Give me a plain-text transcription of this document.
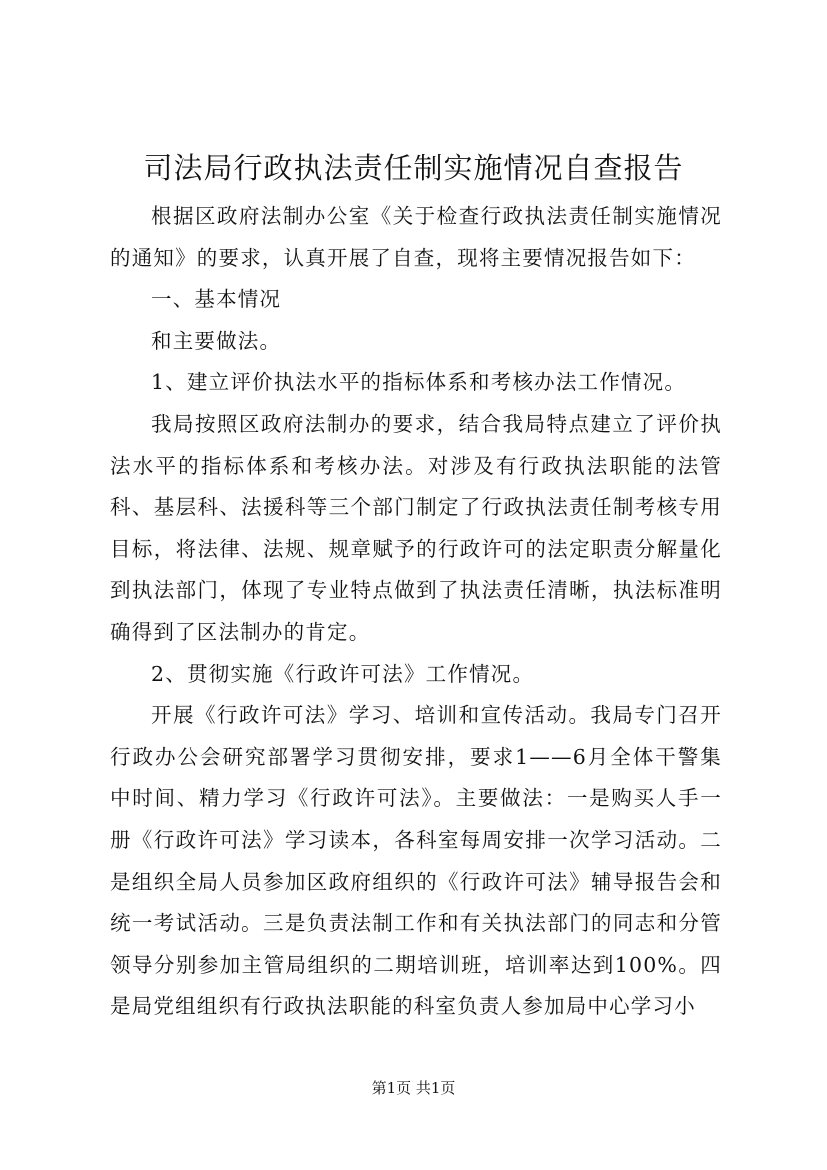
司法局行政执法责任制实施情况自查报告

根据区政府法制办公室《关于检查行政执法责任制实施情况的通知》的要求，认真开展了自查，现将主要情况报告如下：

一、基本情况

和主要做法。

1、建立评价执法水平的指标体系和考核办法工作情况。

我局按照区政府法制办的要求，结合我局特点建立了评价执法水平的指标体系和考核办法。对涉及有行政执法职能的法管科、基层科、法援科等三个部门制定了行政执法责任制考核专用目标，将法律、法规、规章赋予的行政许可的法定职责分解量化到执法部门，体现了专业特点做到了执法责任清晰，执法标准明确得到了区法制办的肯定。

2、贯彻实施《行政许可法》工作情况。

开展《行政许可法》学习、培训和宣传活动。我局专门召开行政办公会研究部署学习贯彻安排，要求1——6月全体干警集中时间、精力学习《行政许可法》。主要做法：一是购买人手一册《行政许可法》学习读本，各科室每周安排一次学习活动。二是组织全局人员参加区政府组织的《行政许可法》辅导报告会和统一考试活动。三是负责法制工作和有关执法部门的同志和分管领导分别参加主管局组织的二期培训班，培训率达到100%。四是局党组组织有行政执法职能的科室负责人参加局中心学习小

第1页 共1页
